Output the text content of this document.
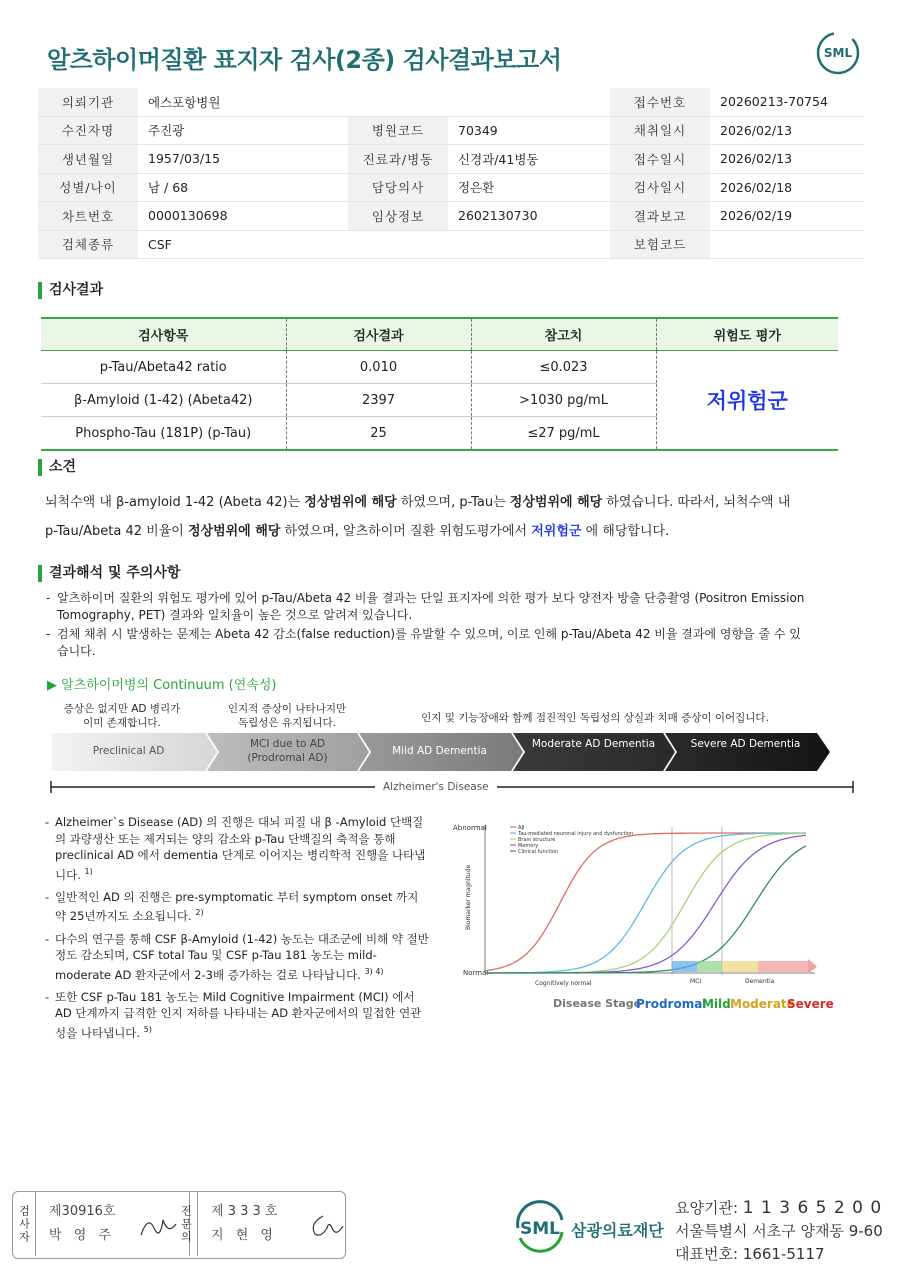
알츠하이머질환 표지자 검사(2종) 검사결과보고서	SML
의뢰기관	에스포항병원			접수번호	20260213-70754
수진자명	주진광	병원코드	70349	채취일시	2026/02/13
생년월일	1957/03/15	진료과/병동	신경과/41병동	접수일시	2026/02/13
성별/나이	남 / 68	담당의사	정은환	검사일시	2026/02/18
차트번호	0000130698	임상정보	2602130730	결과보고	2026/02/19
검체종류	CSF			보험코드	
검사결과
검사항목	검사결과	참고치	위험도 평가
p-Tau/Abeta42 ratio	0.010	≤0.023	저위험군
β-Amyloid (1-42) (Abeta42)	2397	>1030 pg/mL	
Phospho-Tau (181P) (p-Tau)	25	≤27 pg/mL	
소견
뇌척수액 내 β-amyloid 1-42 (Abeta 42)는 정상범위에 해당 하였으며, p-Tau는 정상범위에 해당 하였습니다. 따라서, 뇌척수액 내
p-Tau/Abeta 42 비율이 정상범위에 해당 하였으며, 알츠하이머 질환 위험도평가에서 저위험군 에 해당합니다.
결과해석 및 주의사항
- 알츠하이머 질환의 위험도 평가에 있어 p-Tau/Abeta 42 비율 결과는 단일 표지자에 의한 평가 보다 양전자 방출 단층촬영 (Positron Emission Tomography, PET) 결과와 일치율이 높은 것으로 알려져 있습니다.
- 검체 채취 시 발생하는 문제는 Abeta 42 감소(false reduction)를 유발할 수 있으며, 이로 인해 p-Tau/Abeta 42 비율 결과에 영향을 줄 수 있습니다.
▶ 알츠하이머병의 Continuum (연속성)
증상은 없지만 AD 병리가 이미 존재합니다.
인지적 증상이 나타나지만 독립성은 유지됩니다.	인지 및 기능장애와 함께 점진적인 독립성의 상실과 치매 증상이 이어집니다.
Preclinical AD
MCI due to AD (Prodromal AD)
Mild AD Dementia
Moderate AD Dementia	Severe AD Dementia
Alzheimer's Disease
- Alzheimer`s Disease (AD) 의 진행은 대뇌 피질 내 β -Amyloid 단백질의 과량생산 또는 제거되는 양의 감소와 p-Tau 단백질의 축적을 통해 preclinical AD 에서 dementia 단계로 이어지는 병리학적 진행을 나타냅니다. $^{1)}$
- 일반적인 AD 의 진행은 pre-symptomatic 부터 symptom onset 까지 약 25년까지도 소요됩니다. $^{2)}$
- 다수의 연구를 통해 CSF β-Amyloid (1-42) 농도는 대조군에 비해 약 절반정도 감소되며, CSF total Tau 및 CSF p-Tau 181 농도는 mild-moderate AD 환자군에서 2-3배 증가하는 걸로 나타납니다. $^{3) 4)}$
- 또한 CSF p-Tau 181 농도는 Mild Cognitive Impairment (MCI) 에서 AD 단계까지 급격한 인지 저하를 나타내는 AD 환자군에서의 밀접한 연관성을 나타냅니다. $^{5)}$
Abnormal
Normal
Biomarker magnitude
Aβ
Tau-mediated neuronal injury and dysfunction
Brain structure
Memory
Clinical function
Cognitively normal	MCI	Dementia
Disease Stage
Prodromal
Mild Moderate
Severe
검사자 제30916호
박 영 주	전문의 제 3 3 3 호
지 현 영	SML 삼광의료재단
요양기관: 1 1 3 6 5 2 0 0
서울특별시 서초구 양재동 9-60
대표번호: 1661-5117
